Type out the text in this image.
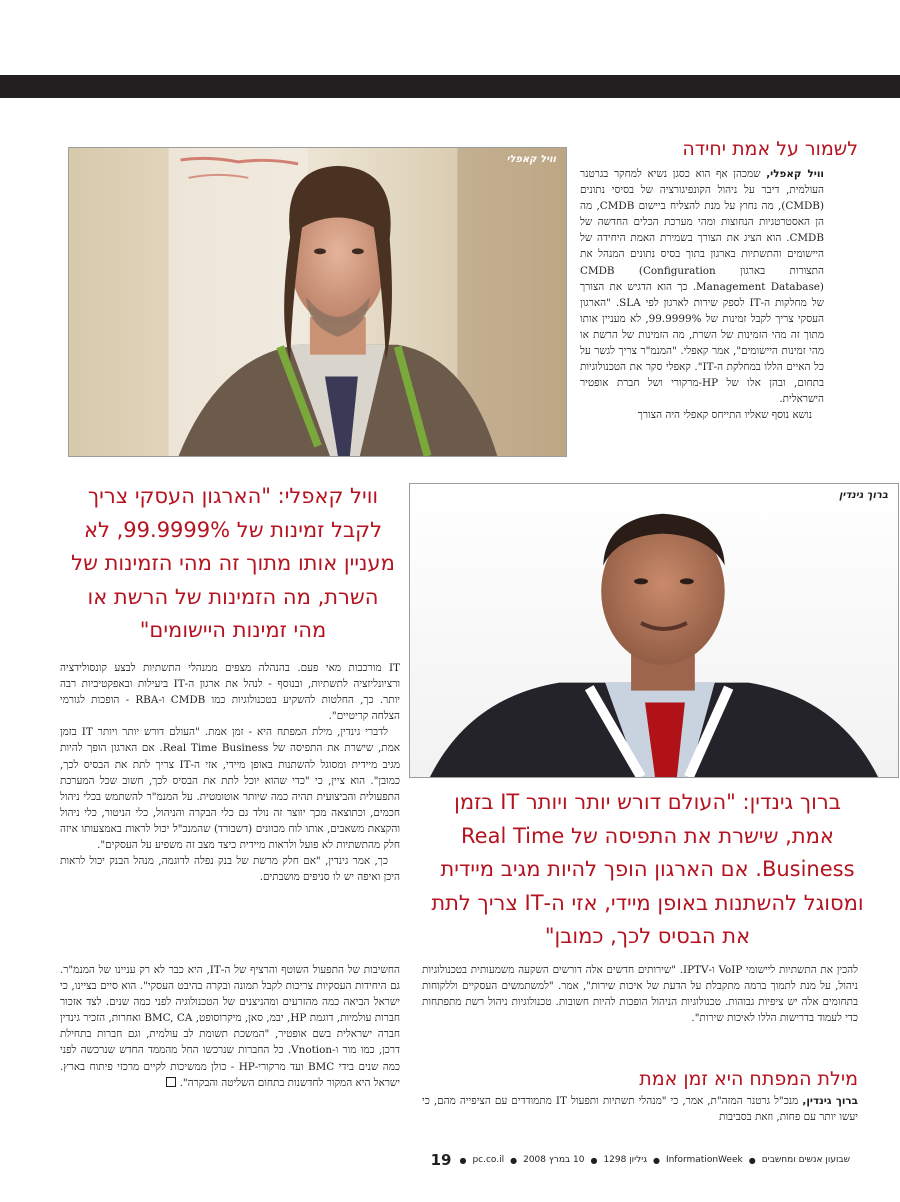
וויל קאפלי	לשמור על אמת יחידה

וויל קאפלי, שמכהן אף הוא כסגן נשיא למחקר בגרטנר העולמית, דיבר על ניהול הקונפיגורציה של בסיסי נתונים (CMDB), מה נחוץ על מנת להצליח ביישום CMDB, מה הן האסטרטגיות הנחוצות ומהי מערכת הכלים החדשה של CMDB. הוא הציג את הצורך בשמירת האמת היחידה של היישומים והתשתיות בארגון בתוך בסיס נתונים המנהל את התצורות בארגון CMDB (Configuration Management Database). כך הוא הדגיש את הצורך של מחלקות ה-IT לספק שירות לארגון לפי SLA. "הארגון העסקי צריך לקבל זמינות של 99.9999%, לא מעניין אותו מתוך זה מהי הזמינות של השרת, מה הזמינות של הרשת או מהי זמינות היישומים", אמר קאפלי. "המנמ"ר צריך לגשר על כל האיים הללו במחלקת ה-IT". קאפלי סקר את הטכנולוגיות בתחום, ובהן אלו של HP-מרקורי ושל חברת אופטיר הישראלית.

נושא נוסף שאליו התייחס קאפלי היה הצורך

וויל קאפלי: "הארגון העסקי צריך לקבל זמינות של 99.9999%, לא מעניין אותו מתוך זה מהי הזמינות של השרת, מה הזמינות של הרשת או מהי זמינות היישומים"
ברוך גינדין

IT מורכבות מאי פעם. בהנהלה מצפים ממנהלי התשתיות לבצע קונסולידציה ורציונליזציה לתשתיות, ובנוסף - לנהל את ארגון ה-IT ביעילות ובאפקטיביות רבה יותר. כך, החלטות להשקיע בטכנולוגיות כמו CMDB ו-RBA - הופכות לגורמי הצלחה קריטיים".

לדברי גינדין, מילת המפתח היא - זמן אמת. "העולם דורש יותר ויותר IT בזמן אמת, שישרת את התפיסה של Real Time Business. אם הארגון הופך להיות מגיב מיידית ומסוגל להשתנות באופן מיידי, אזי ה-IT צריך לתת את הבסיס לכך, כמובן". הוא ציין, כי "כדי שהוא יוכל לתת את הבסיס לכך, חשוב שכל המערכת התפעולית והביצועית תהיה כמה שיותר אוטומטית. על המנמ"ר להשתמש בכלי ניהול חכמים, וכתוצאה מכך יווצר זה נולד גם כלי הבקרה והניהול, כלי הניטור, כלי ניהול והקצאת משאבים, אותו לוח מכוונים (דשבורד) שהמנכ"ל יכול לראות באמצעותו איזה חלק מהתשתיות לא פועל ולראות מיידית כיצד מצב זה משפיע על העסקים".

כך, אמר גינדין, "אם חלק מרשת של בנק נפלה לדוגמה, מנהל הבנק יכול לראות היכן ואיפה יש לו סניפים מושבתים.

ברוך גינדין: "העולם דורש יותר ויותר IT בזמן אמת, שישרת את התפיסה של Real Time Business. אם הארגון הופך להיות מגיב מיידית ומסוגל להשתנות באופן מיידי, אזי ה-IT צריך לתת את הבסיס לכך, כמובן"

החשיבות של התפעול השוטף והרציף של ה-IT, היא כבר לא רק עניינו של המנמ"ר. גם היחידות העסקיות צריכות לקבל תמונה ובקרה בהיבט העסקי". הוא סיים בציינו, כי ישראל הביאה כמה מהזרעים ומהניצנים של הטכנולוגיה לפני כמה שנים. לצד אזכור חברות עולמיות, דוגמת HP, יבמ, סאן, מיקרוסופט, BMC, CA ואחרות, הזכיר גינדין חברה ישראלית בשם אופטיר, "המשכת תשומת לב עולמית, וגם חברות בתחילת דרכן, כמו מור ו-Vnotion. כל החברות שנרכשו החל מהממד החדש שנרכשה לפני כמה שנים בידי BMC ועד מרקורי-HP - כולן ממשיכות לקיים מרכזי פיתוח בארץ. ישראל היא המקור לחדשנות בתחום השליטה והבקרה".

להכין את התשתיות ליישומי VoIP ו-IPTV. "שירותים חדשים אלה דורשים השקעה משמעותית בטכנולוגיות ניהול, על מנת לתמוך ברמה מתקבלת על הדעת של איכות שירות", אמר. "למשתמשים העסקיים וללקוחות בתחומים אלה יש ציפיות גבוהות. טכנולוגיות הניהול הופכות להיות חשובות. טכנולוגיות ניהול רשת מתפתחות כדי לעמוד בדרישות הללו לאיכות שירות".

מילת המפתח היא זמן אמת

ברוך גינדין, מנכ"ל גרטנר המזה"ת, אמר, כי "מנהלי תשתיות ותפעול IT מתמודדים עם הציפייה מהם, כי יעשו יותר עם פחות, וזאת בסביבות

שבועון אנשים ומחשבים
●
InformationWeek
●
גיליון 1298
●
10 במרץ 2008
●
pc.co.il
●
19
